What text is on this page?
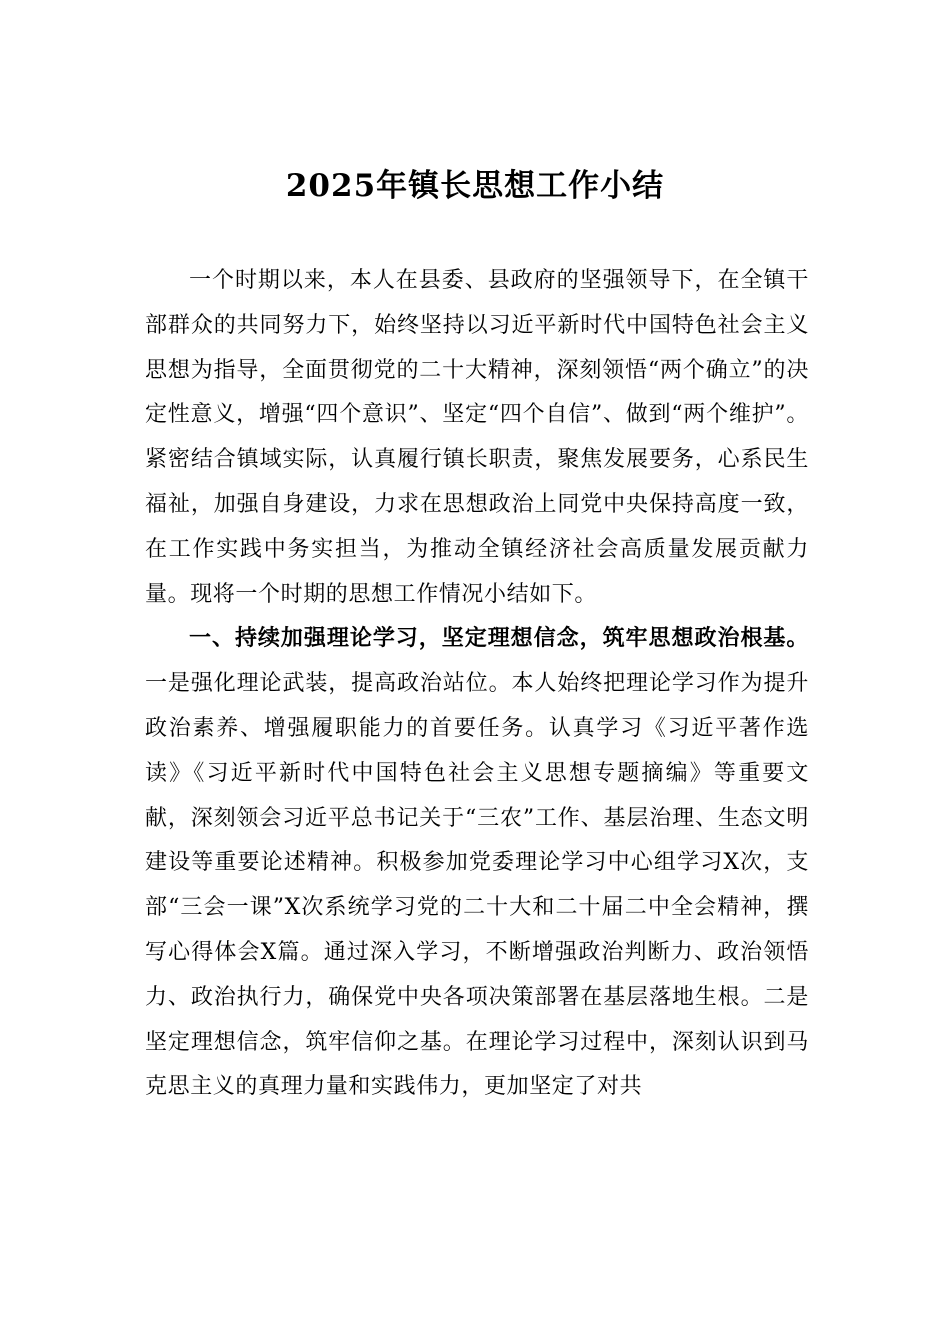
2025年镇长思想工作小结

一个时期以来，本人在县委、县政府的坚强领导下，在全镇干部群众的共同努力下，始终坚持以习近平新时代中国特色社会主义思想为指导，全面贯彻党的二十大精神，深刻领悟“两个确立”的决定性意义，增强“四个意识”、坚定“四个自信”、做到“两个维护”。紧密结合镇域实际，认真履行镇长职责，聚焦发展要务，心系民生福祉，加强自身建设，力求在思想政治上同党中央保持高度一致，在工作实践中务实担当，为推动全镇经济社会高质量发展贡献力量。现将一个时期的思想工作情况小结如下。

一、持续加强理论学习，坚定理想信念，筑牢思想政治根基。一是强化理论武装，提高政治站位。本人始终把理论学习作为提升政治素养、增强履职能力的首要任务。认真学习《习近平著作选读》《习近平新时代中国特色社会主义思想专题摘编》等重要文献，深刻领会习近平总书记关于“三农”工作、基层治理、生态文明建设等重要论述精神。积极参加党委理论学习中心组学习X次，支部“三会一课”X次系统学习党的二十大和二十届二中全会精神，撰写心得体会X篇。通过深入学习，不断增强政治判断力、政治领悟力、政治执行力，确保党中央各项决策部署在基层落地生根。二是坚定理想信念，筑牢信仰之基。在理论学习过程中，深刻认识到马克思主义的真理力量和实践伟力，更加坚定了对共
